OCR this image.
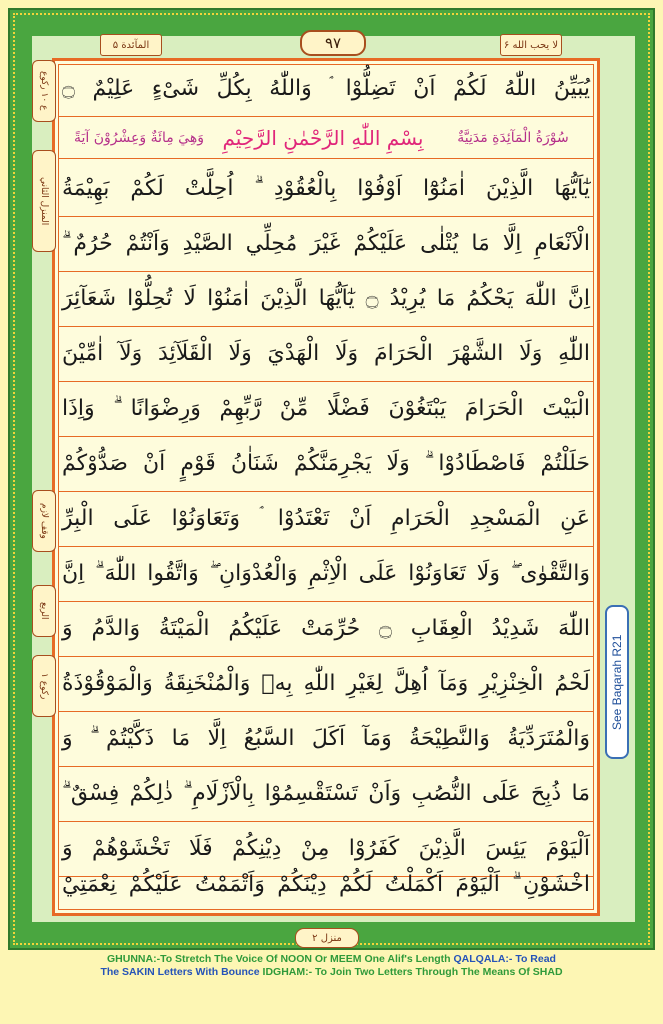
المآئدة ۵	۹۷	لا يحب الله ۶
يُبَيِّنُ اللّٰهُ لَكُمْ اَنْ تَضِلُّوْا ۘ وَاللّٰهُ بِكُلِّ شَیْءٍ عَلِيْمٌ ۝
سُوْرَةُ الْمَآئِدَةِ مَدَنِيَّةٌ
بِسْمِ اللّٰهِ الرَّحْمٰنِ الرَّحِيْمِ
وَهِيَ مِائَةٌ وَعِشْرُوْنَ آيَةً
يٰٓاَيُّهَا الَّذِيْنَ اٰمَنُوْٓا اَوْفُوْا بِالْعُقُوْدِ ۗ اُحِلَّتْ لَكُمْ بَهِيْمَةُ
الْاَنْعَامِ اِلَّا مَا يُتْلٰى عَلَيْكُمْ غَيْرَ مُحِلِّي الصَّيْدِ وَاَنْتُمْ حُرُمٌ ۗ
اِنَّ اللّٰهَ يَحْكُمُ مَا يُرِيْدُ ۝ يٰٓاَيُّهَا الَّذِيْنَ اٰمَنُوْا لَا تُحِلُّوْا شَعَآئِرَ
اللّٰهِ وَلَا الشَّهْرَ الْحَرَامَ وَلَا الْهَدْيَ وَلَا الْقَلَآئِدَ وَلَآ اٰمِّيْنَ
الْبَيْتَ الْحَرَامَ يَبْتَغُوْنَ فَضْلًا مِّنْ رَّبِّهِمْ وَرِضْوَانًا ۗ وَاِذَا
حَلَلْتُمْ فَاصْطَادُوْا ۗ وَلَا يَجْرِمَنَّكُمْ شَنَاٰنُ قَوْمٍ اَنْ صَدُّوْكُمْ
عَنِ الْمَسْجِدِ الْحَرَامِ اَنْ تَعْتَدُوْا ۘ وَتَعَاوَنُوْا عَلَى الْبِرِّ
وَالتَّقْوٰى ۖ وَلَا تَعَاوَنُوْا عَلَى الْاِثْمِ وَالْعُدْوَانِ ۖ وَاتَّقُوا اللّٰهَ ۗ اِنَّ
اللّٰهَ شَدِيْدُ الْعِقَابِ ۝ حُرِّمَتْ عَلَيْكُمُ الْمَيْتَةُ وَالدَّمُ وَ
لَحْمُ الْخِنْزِيْرِ وَمَآ اُهِلَّ لِغَيْرِ اللّٰهِ بِهٖ وَالْمُنْخَنِقَةُ وَالْمَوْقُوْذَةُ
وَالْمُتَرَدِّيَةُ وَالنَّطِيْحَةُ وَمَآ اَكَلَ السَّبُعُ اِلَّا مَا ذَكَّيْتُمْ ۗ وَ
مَا ذُبِحَ عَلَى النُّصُبِ وَاَنْ تَسْتَقْسِمُوْا بِالْاَزْلَامِ ۗ ذٰلِكُمْ فِسْقٌ ۗ
اَلْيَوْمَ يَئِسَ الَّذِيْنَ كَفَرُوْا مِنْ دِيْنِكُمْ فَلَا تَخْشَوْهُمْ وَ
اخْشَوْنِ ۗ اَلْيَوْمَ اَكْمَلْتُ لَكُمْ دِيْنَكُمْ وَاَتْمَمْتُ عَلَيْكُمْ نِعْمَتِيْ
ع ۱۰ ركوع
المنزل الثاني
وقف لازم
الربع
ركوع ۱	See Baqarah R21
منزل ۲
GHUNNA:-To Stretch The Voice Of NOON Or MEEM One Alif's Length QALQALA:- To Read
The SAKIN Letters With Bounce IDGHAM:- To Join Two Letters Through The Means Of SHAD
